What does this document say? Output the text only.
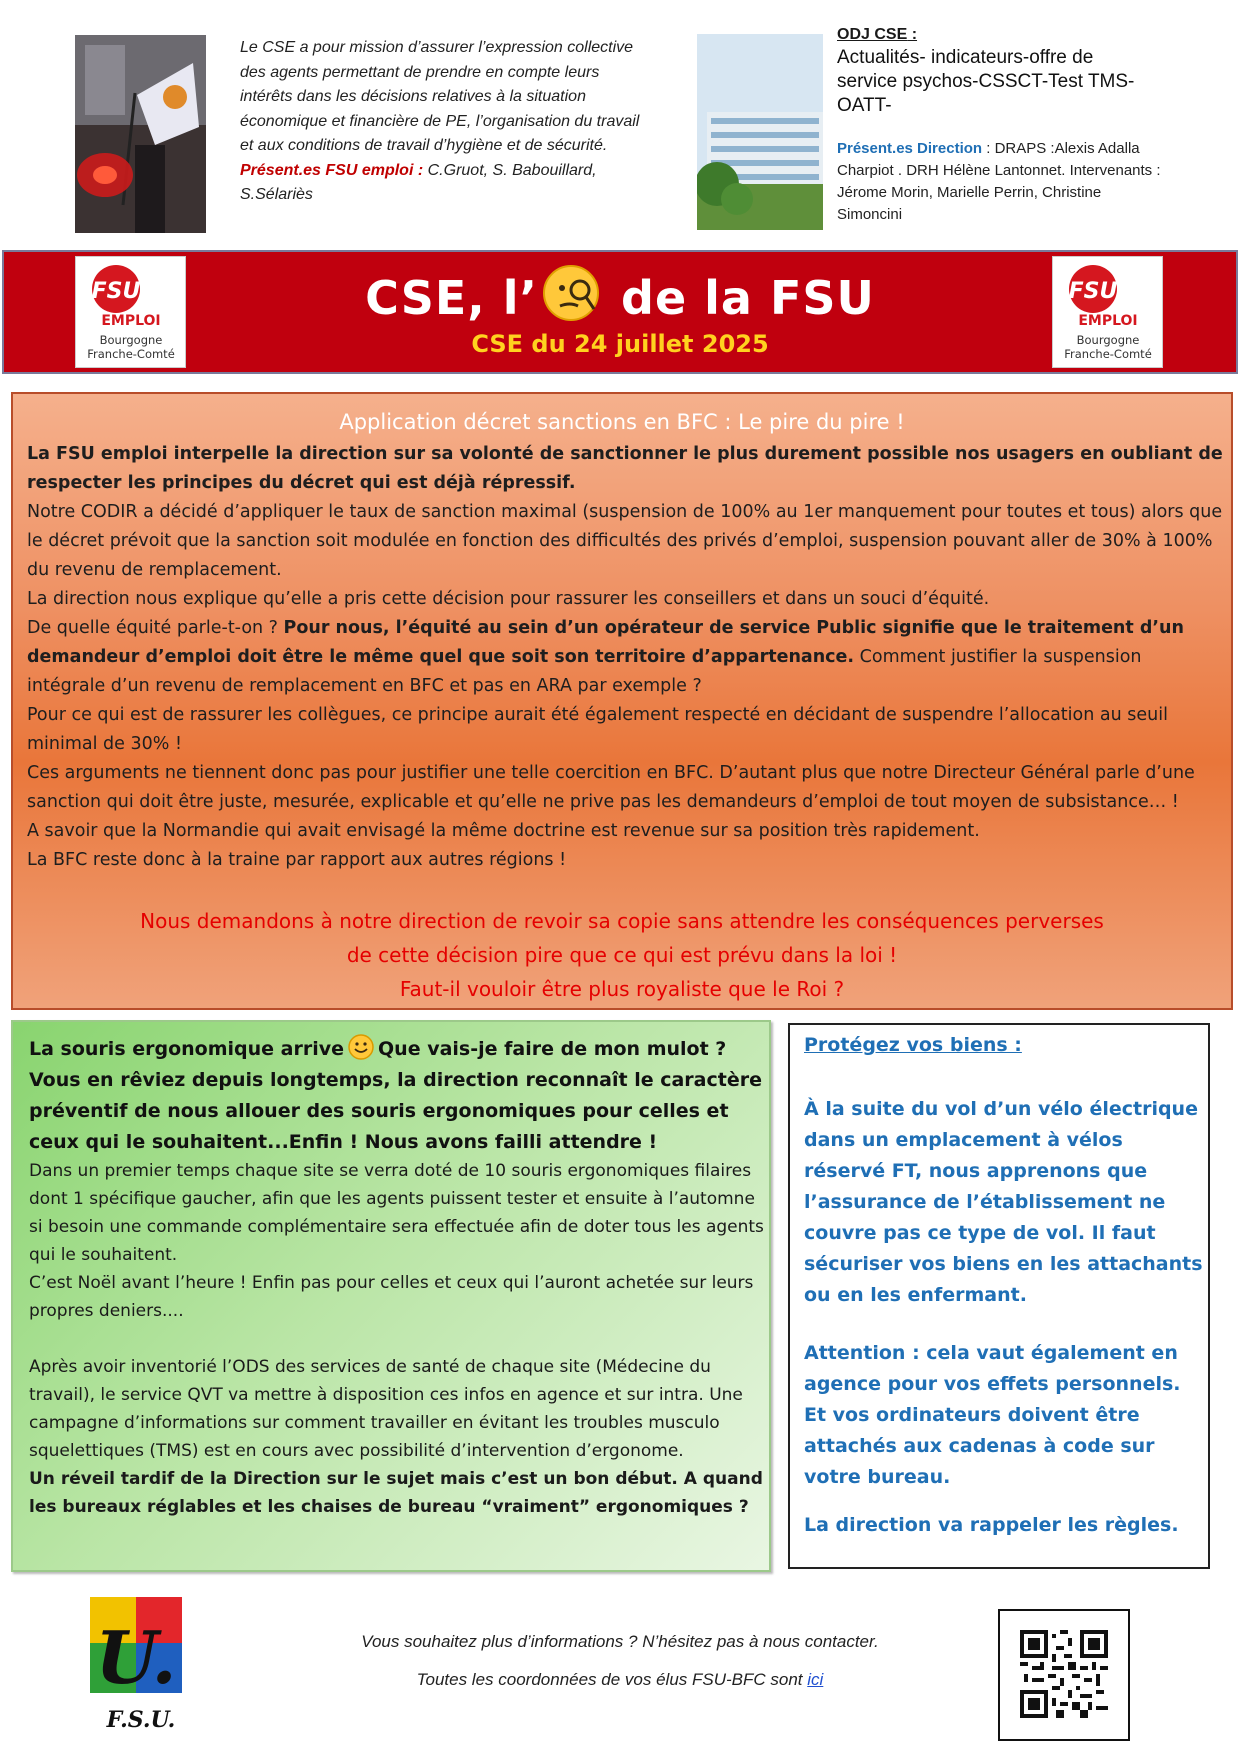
Le CSE a pour mission d’assurer l’expression collective des agents permettant de prendre en compte leurs intérêts dans les décisions relatives à la situation économique et financière de PE, l’organisation du travail et aux conditions de travail d’hygiène et de sécurité.
Présent.es FSU emploi : C.Gruot, S. Babouillard, S.Sélariès
ODJ CSE :
Actualités- indicateurs-offre de service psychos-CSSCT-Test TMS-OATT-
Présent.es Direction : DRAPS :Alexis Adalla Charpiot . DRH Hélène Lantonnet. Intervenants : Jérome Morin, Marielle Perrin, Christine Simoncini
FSU
EMPLOI
Bourgogne
Franche-Comté
FSU
EMPLOI
Bourgogne
Franche-Comté
CSE, l’ de la FSU
CSE du 24 juillet 2025
Application décret sanctions en BFC : Le pire du pire !

La FSU emploi interpelle la direction sur sa volonté de sanctionner le plus durement possible nos usagers en oubliant de respecter les principes du décret qui est déjà répressif.

Notre CODIR a décidé d’appliquer le taux de sanction maximal (suspension de 100% au 1er manquement pour toutes et tous) alors que le décret prévoit que la sanction soit modulée en fonction des difficultés des privés d’emploi, suspension pouvant aller de 30% à 100% du revenu de remplacement.

La direction nous explique qu’elle a pris cette décision pour rassurer les conseillers et dans un souci d’équité.

De quelle équité parle-t-on ? Pour nous, l’équité au sein d’un opérateur de service Public signifie que le traitement d’un demandeur d’emploi doit être le même quel que soit son territoire d’appartenance. Comment justifier la suspension intégrale d’un revenu de remplacement en BFC et pas en ARA par exemple ?

Pour ce qui est de rassurer les collègues, ce principe aurait été également respecté en décidant de suspendre l’allocation au seuil minimal de 30% !

Ces arguments ne tiennent donc pas pour justifier une telle coercition en BFC. D’autant plus que notre Directeur Général parle d’une sanction qui doit être juste, mesurée, explicable et qu’elle ne prive pas les demandeurs d’emploi de tout moyen de subsistance… !

A savoir que la Normandie qui avait envisagé la même doctrine est revenue sur sa position très rapidement.

La BFC reste donc à la traine par rapport aux autres régions !

Nous demandons à notre direction de revoir sa copie sans attendre les conséquences perverses
de cette décision pire que ce qui est prévu dans la loi !
Faut-il vouloir être plus royaliste que le Roi ?
La souris ergonomique arrive Que vais-je faire de mon mulot ? Vous en rêviez depuis longtemps, la direction reconnaît le caractère préventif de nous allouer des souris ergonomiques pour celles et ceux qui le souhaitent...Enfin ! Nous avons failli attendre !

Dans un premier temps chaque site se verra doté de 10 souris ergonomiques filaires dont 1 spécifique gaucher, afin que les agents puissent tester et ensuite à l’automne si besoin une commande complémentaire sera effectuée afin de doter tous les agents qui le souhaitent.

C’est Noël avant l’heure ! Enfin pas pour celles et ceux qui l’auront achetée sur leurs propres deniers....

Après avoir inventorié l’ODS des services de santé de chaque site (Médecine du travail), le service QVT va mettre à disposition ces infos en agence et sur intra. Une campagne d’informations sur comment travailler en évitant les troubles musculo squelettiques (TMS) est en cours avec possibilité d’intervention d’ergonome.

Un réveil tardif de la Direction sur le sujet mais c’est un bon début. A quand les bureaux réglables et les chaises de bureau “vraiment” ergonomiques ?

Protégez vos biens :
À la suite du vol d’un vélo électrique dans un emplacement à vélos réservé FT, nous apprenons que l’assurance de l’établissement ne couvre pas ce type de vol. Il faut sécuriser vos biens en les attachants ou en les enfermant.
Attention : cela vaut également en agence pour vos effets personnels. Et vos ordinateurs doivent être attachés aux cadenas à code sur votre bureau.
La direction va rappeler les règles.
U.
F.S.U.
Vous souhaitez plus d’informations ? N’hésitez pas à nous contacter.
Toutes les coordonnées de vos élus FSU-BFC sont ici
